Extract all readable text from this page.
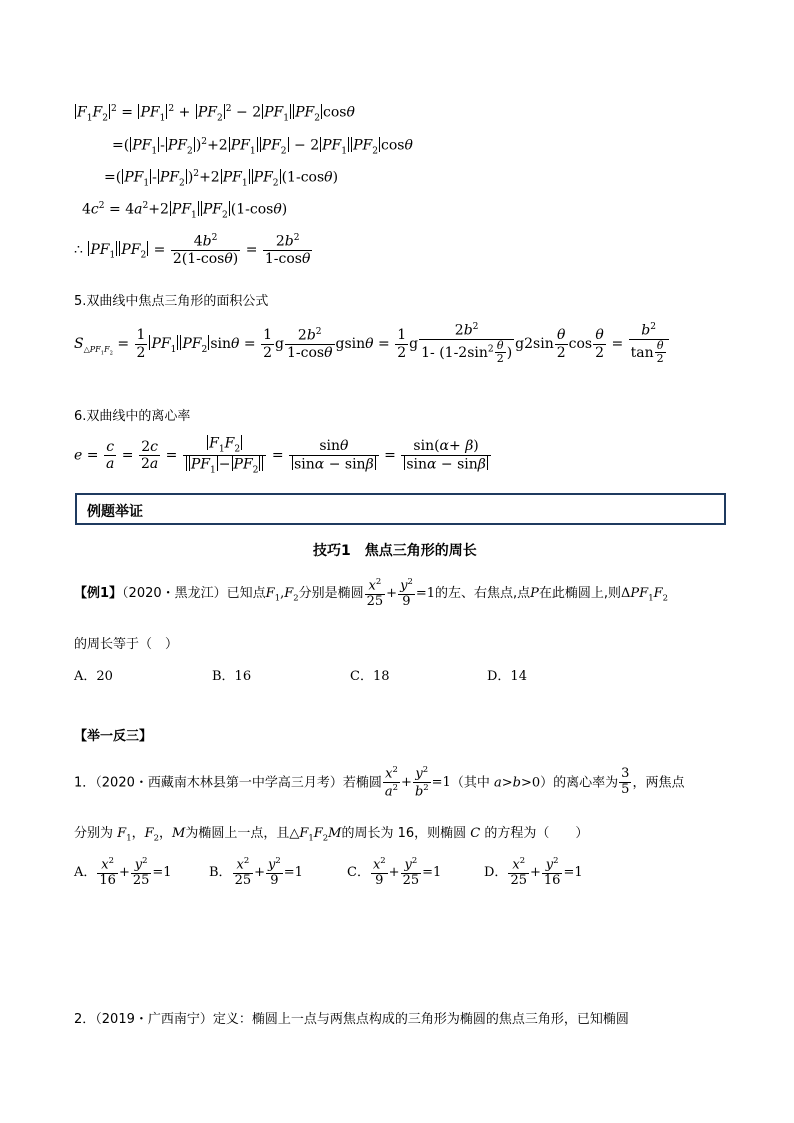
$F_1F_2^2 = PF_1^2 + PF_2^2 - 2$ $PF_1$ $PF_2$ cosθ
=( $PF_1 - PF_2$ )$^2$+2 $PF_1$ $PF_2 - 2$ $PF_1$ $PF_2$ cosθ
=( $PF_1 - PF_2$ )$^2$+2 $PF_1$ $PF_2$ (1-cosθ)
$4c^2 = 4a^2+2$ $PF_1$ $PF_2$ (1-cosθ)
∴ $PF_1$ $PF_2 = \frac{4b^2}{2(1-\cos\theta)} = \frac{2b^2}{1-\cos\theta}$
5.双曲线中焦点三角形的面积公式
$S_{\triangle PF_1F_2} = \frac{1}{2} PF_1$ $PF_2$ $\sin\theta = \frac{1}{2}$ g $\frac{2b^2}{1-\cos\theta}$ $gsin\theta = \frac{1}{2}$ g $\frac{2b^2}{1- (1-2\sin^2 \frac{\theta}{2} )} g2\sin \frac{\theta}{2}$ $\cos \frac{\theta}{2} = \frac{b^2}{\tan \frac{\theta}{2}}$
6.双曲线中的离心率
$e = \frac{c}{a} = \frac{2c}{2a} = \frac{F_1F_2}{PF_1 - PF_2} = \frac{\sin\theta}{\sin\alpha - \sin\beta} = \frac{\sin(\alpha+ \beta)}{\sin\alpha - \sin\beta}$
例题举证
技巧1　焦点三角形的周长
【例1】（2020・黑龙江）已知点$F_1,F_2$分别是椭圆 $\frac{x^2}{25} + \frac{y^2}{9} =1$的左、右焦点,点P在此椭圆上,则$\Delta PF_1F_2$
的周长等于（　）
A．20	B．16	C．18	D．14
【举一反三】
1．（2020・西藏南木林县第一中学高三月考）若椭圆 $\frac{x^2}{a^2} + \frac{y^2}{b^2} =1$（其中 a>b>0）的离心率为 $\frac{3}{5}$ ，两焦点
分别为 $F_1$，$F_2$，M为椭圆上一点，且$\triangle F_1F_2M$的周长为 16，则椭圆 C 的方程为（　　）
A． $\frac{x^2}{16} + \frac{y^2}{25} =1$	B． $\frac{x^2}{25} + \frac{y^2}{9} =1$	C． $\frac{x^2}{9} + \frac{y^2}{25} =1$	D． $\frac{x^2}{25} + \frac{y^2}{16} =1$
2．（2019・广西南宁）定义：椭圆上一点与两焦点构成的三角形为椭圆的焦点三角形，已知椭圆
